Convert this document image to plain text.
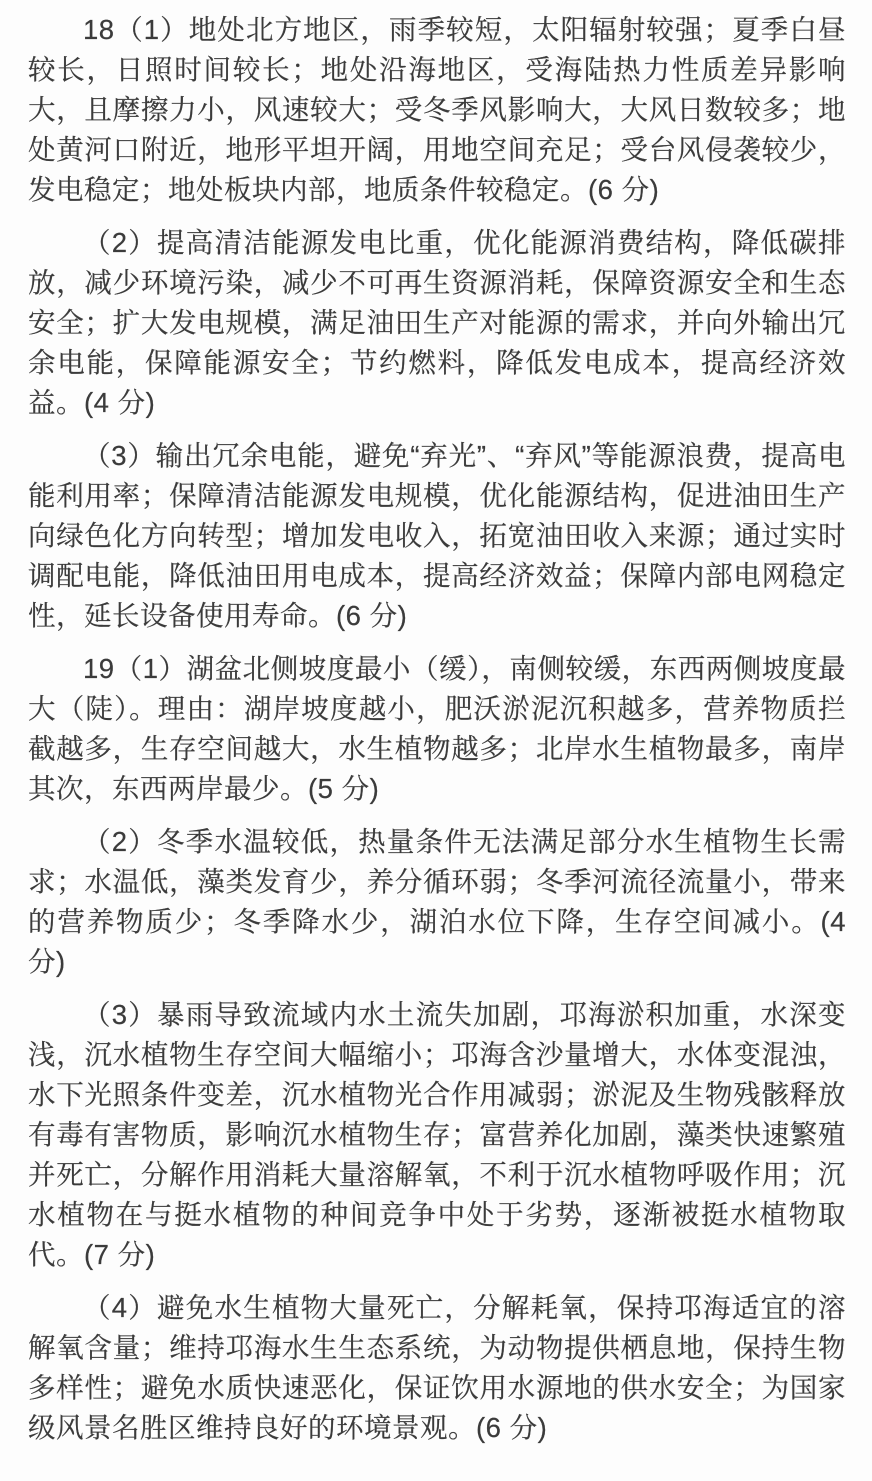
18（1）地处北方地区，雨季较短，太阳辐射较强；夏季白昼较长，日照时间较长；地处沿海地区，受海陆热力性质差异影响大，且摩擦力小，风速较大；受冬季风影响大，大风日数较多；地处黄河口附近，地形平坦开阔，用地空间充足；受台风侵袭较少，发电稳定；地处板块内部，地质条件较稳定。(6 分)

（2）提高清洁能源发电比重，优化能源消费结构，降低碳排放，减少环境污染，减少不可再生资源消耗，保障资源安全和生态安全；扩大发电规模，满足油田生产对能源的需求，并向外输出冗余电能，保障能源安全；节约燃料，降低发电成本，提高经济效益。(4 分)

（3）输出冗余电能，避免“弃光”、“弃风”等能源浪费，提高电能利用率；保障清洁能源发电规模，优化能源结构，促进油田生产向绿色化方向转型；增加发电收入，拓宽油田收入来源；通过实时调配电能，降低油田用电成本，提高经济效益；保障内部电网稳定性，延长设备使用寿命。(6 分)

19（1）湖盆北侧坡度最小（缓），南侧较缓，东西两侧坡度最大（陡）。理由：湖岸坡度越小，肥沃淤泥沉积越多，营养物质拦截越多，生存空间越大，水生植物越多；北岸水生植物最多，南岸其次，东西两岸最少。(5 分)

（2）冬季水温较低，热量条件无法满足部分水生植物生长需求；水温低，藻类发育少，养分循环弱；冬季河流径流量小，带来的营养物质少；冬季降水少，湖泊水位下降，生存空间减小。(4 分)

（3）暴雨导致流域内水土流失加剧，邛海淤积加重，水深变浅，沉水植物生存空间大幅缩小；邛海含沙量增大，水体变混浊，水下光照条件变差，沉水植物光合作用减弱；淤泥及生物残骸释放有毒有害物质，影响沉水植物生存；富营养化加剧，藻类快速繁殖并死亡，分解作用消耗大量溶解氧，不利于沉水植物呼吸作用；沉水植物在与挺水植物的种间竞争中处于劣势，逐渐被挺水植物取代。(7 分)

（4）避免水生植物大量死亡，分解耗氧，保持邛海适宜的溶解氧含量；维持邛海水生生态系统，为动物提供栖息地，保持生物多样性；避免水质快速恶化，保证饮用水源地的供水安全；为国家级风景名胜区维持良好的环境景观。(6 分)
